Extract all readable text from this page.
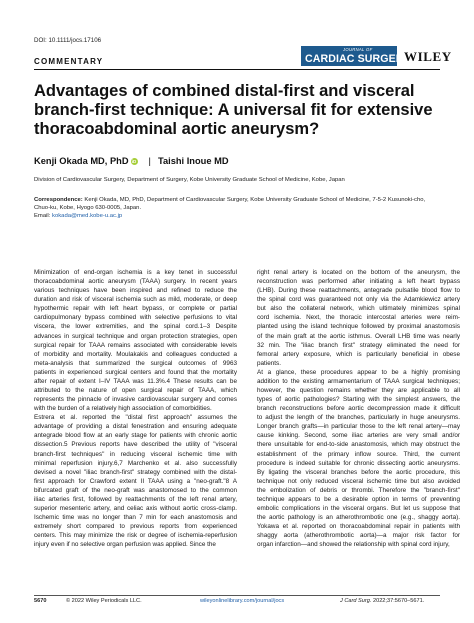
DOI: 10.1111/jocs.17106
COMMENTARY
JOURNAL OF
CARDIAC SURGERY
WILEY
Advantages of combined distal-first and visceral branch-first technique: A universal fit for extensive thoracoabdominal aortic aneurysm?
Kenji Okada MD, PhD iD | Taishi Inoue MD
Division of Cardiovascular Surgery, Department of Surgery, Kobe University Graduate School of Medicine, Kobe, Japan
Correspondence: Kenji Okada, MD, PhD, Department of Cardiovascular Surgery, Kobe University Graduate School of Medicine, 7-5-2 Kusunoki-cho, Chuo-ku, Kobe, Hyogo 630-0005, Japan.
Email: kokada@med.kobe-u.ac.jp
Minimization of end-organ ischemia is a key tenet in successful
thoracoabdominal aortic aneurysm (TAAA) surgery. In recent years
various techniques have been inspired and refined to reduce the
duration and risk of visceral ischemia such as mild, moderate, or deep
hypothermic repair with left heart bypass, or complete or partial
cardiopulmonary bypass combined with selective perfusions to vital
viscera, the lower extremities, and the spinal cord.1–3 Despite
advances in surgical technique and organ protection strategies, open
surgical repair for TAAA remains associated with considerable levels
of morbidity and mortality. Moulakakis and colleagues conducted a
meta-analysis that summarized the surgical outcomes of 9963
patients in experienced surgical centers and found that the mortality
after repair of extent I–IV TAAA was 11.3%.4 These results can be
attributed to the nature of open surgical repair of TAAA, which
represents the pinnacle of invasive cardiovascular surgery and comes
with the burden of a relatively high association of comorbidities.
Estrera et al. reported the "distal first approach" assumes the
advantage of providing a distal fenestration and ensuring adequate
antegrade blood flow at an early stage for patients with chronic aortic
dissection.5 Previous reports have described the utility of "visceral
branch-first techniques" in reducing visceral ischemic time with
minimal reperfusion injury.6,7 Marchenko et al. also successfully
devised a novel "iliac branch-first" strategy combined with the distal-
first approach for Crawford extent II TAAA using a "neo-graft."8 A
bifurcated graft of the neo-graft was anastomosed to the common
iliac arteries first, followed by reattachments of the left renal artery,
superior mesenteric artery, and celiac axis without aortic cross-clamp.
Ischemic time was no longer than 7 min for each anastomosis and
extremely short compared to previous reports from experienced
centers. This may minimize the risk or degree of ischemia-reperfusion
injury even if no selective organ perfusion was applied. Since the
right renal artery is located on the bottom of the aneurysm, the
reconstruction was performed after initiating a left heart bypass
(LHB). During these reattachments, antegrade pulsatile blood flow to
the spinal cord was guaranteed not only via the Adamkiewicz artery
but also the collateral network, which ultimately minimizes spinal
cord ischemia. Next, the thoracic intercostal arteries were reim-
planted using the island technique followed by proximal anastomosis
of the main graft at the aortic isthmus. Overall LHB time was nearly
32 min. The "iliac branch first" strategy eliminated the need for
femoral artery exposure, which is particularly beneficial in obese
patients.
At a glance, these procedures appear to be a highly promising
addition to the existing armamentarium of TAAA surgical techniques;
however, the question remains whether they are applicable to all
types of aortic pathologies? Starting with the simplest answers, the
branch reconstructions before aortic decompression made it difficult
to adjust the length of the branches, particularly in huge aneurysms.
Longer branch grafts—in particular those to the left renal artery—may
cause kinking. Second, some iliac arteries are very small and/or
there unsuitable for end-to-side anastomosis, which may obstruct the
establishment of the primary inflow source. Third, the current
procedure is indeed suitable for chronic dissecting aortic aneurysms.
By ligating the visceral branches before the aortic procedure, this
technique not only reduced visceral ischemic time but also avoided
the embolization of debris or thrombi. Therefore the "branch-first"
technique appears to be a desirable option in terms of preventing
embolic complications in the visceral organs. But let us suppose that
the aortic pathology is an atherothrombotic one (e.g., shaggy aorta).
Yokawa et al. reported on thoracoabdominal repair in patients with
shaggy aorta (atherothrombotic aorta)—a major risk factor for
organ infarction—and showed the relationship with spinal cord injury,
5670	© 2022 Wiley Periodicals LLC.	wileyonlinelibrary.com/journal/jocs	J Card Surg. 2022;37:5670–5671.
